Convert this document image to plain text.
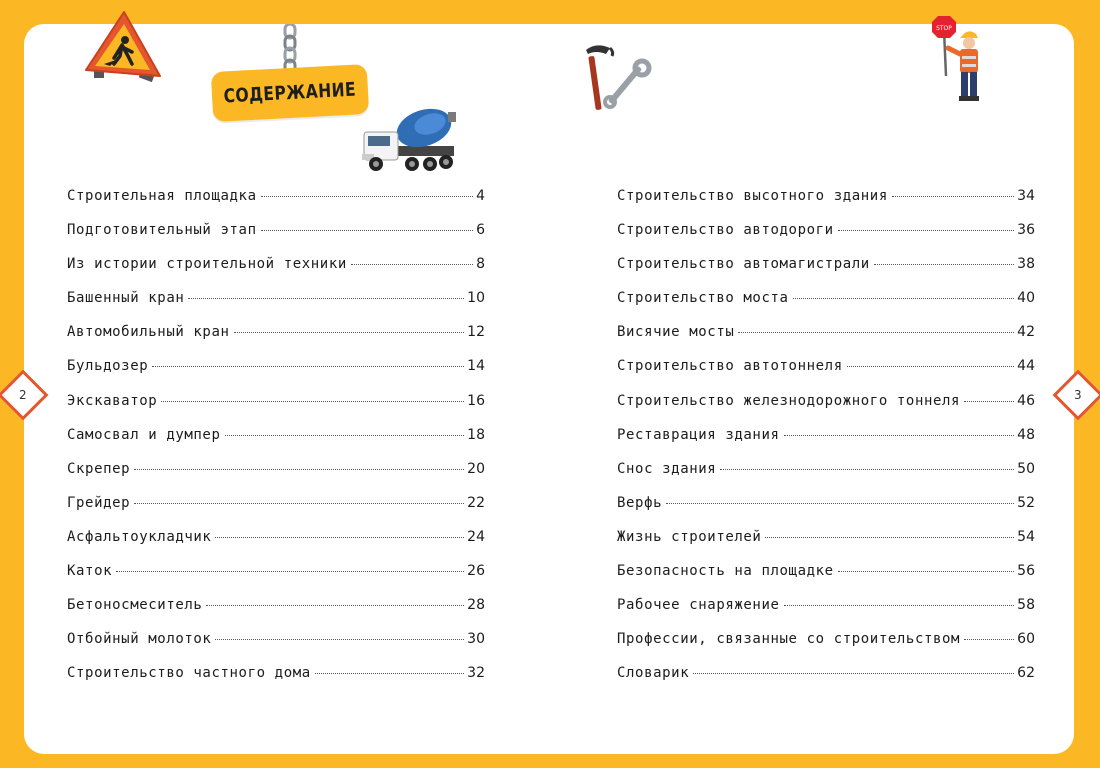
2	3
СОДЕРЖАНИЕ
STOP
Строительная площадка	4
Подготовительный этап	6
Из истории строительной техники	8
Башенный кран	10
Автомобильный кран	12
Бульдозер	14
Экскаватор	16
Самосвал и думпер	18
Скрепер	20
Грейдер	22
Асфальтоукладчик	24
Каток	26
Бетоносмеситель	28
Отбойный молоток	30
Строительство частного дома	32
Строительство высотного здания	34
Строительство автодороги	36
Строительство автомагистрали	38
Строительство моста	40
Висячие мосты	42
Строительство автотоннеля	44
Строительство железнодорожного тоннеля	46
Реставрация здания	48
Снос здания	50
Верфь	52
Жизнь строителей	54
Безопасность на площадке	56
Рабочее снаряжение	58
Профессии, связанные со строительством	60
Словарик	62
